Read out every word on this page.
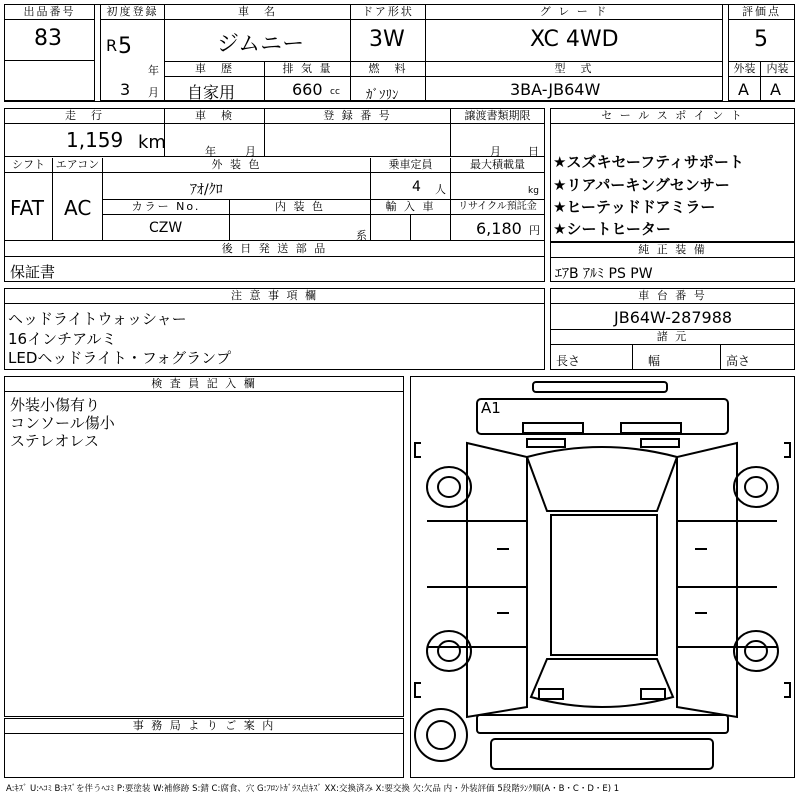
出品番号
83
初度登録
R 5
年
3 月
車　名
ジムニー
ドア形状
3W
グ レ ー ド
XC 4WD
評価点
5
車　歴
自家用
排 気 量
660 cc
燃　料
ｶﾞｿﾘﾝ
型　式
3BA-JB64W
外装
A
内装
A
走　行
1,159 km
車　検
年	月
登 録 番 号	譲渡書類期限
月 日
シフト
FAT
エアコン
AC
外 装 色
ｱｵ/ｸﾛ
乗車定員
4 人
最大積載量
kg
カラー No.
CZW
内 装 色
系
輸 入 車	リサイクル預託金
6,180 円
後 日 発 送 部 品
保証書
セ ー ル ス ポ イ ン ト
★スズキセーフティサポート
★リアパーキングセンサー
★ヒーテッドドアミラー
★シートヒーター
純 正 装 備
ｴｱB ｱﾙﾐ PS PW
注 意 事 項 欄
ヘッドライトウォッシャー
16インチアルミ
LEDヘッドライト・フォグランプ
車 台 番 号
JB64W-287988
諸 元
長さ	幅	高さ
検 査 員 記 入 欄
外装小傷有り
コンソール傷小
ステレオレス
事 務 局 よ り ご 案 内
A1
A:ｷｽﾞ U:ﾍｺﾐ B:ｷｽﾞを伴うﾍｺﾐ P:要塗装 W:補修跡 S:錆 C:腐食、穴 G:ﾌﾛﾝﾄｶﾞﾗｽ点ｷｽﾞ XX:交換済み X:要交換 欠:欠品 内・外装評価 5段階ﾗﾝｸ順(A・B・C・D・E) 1
